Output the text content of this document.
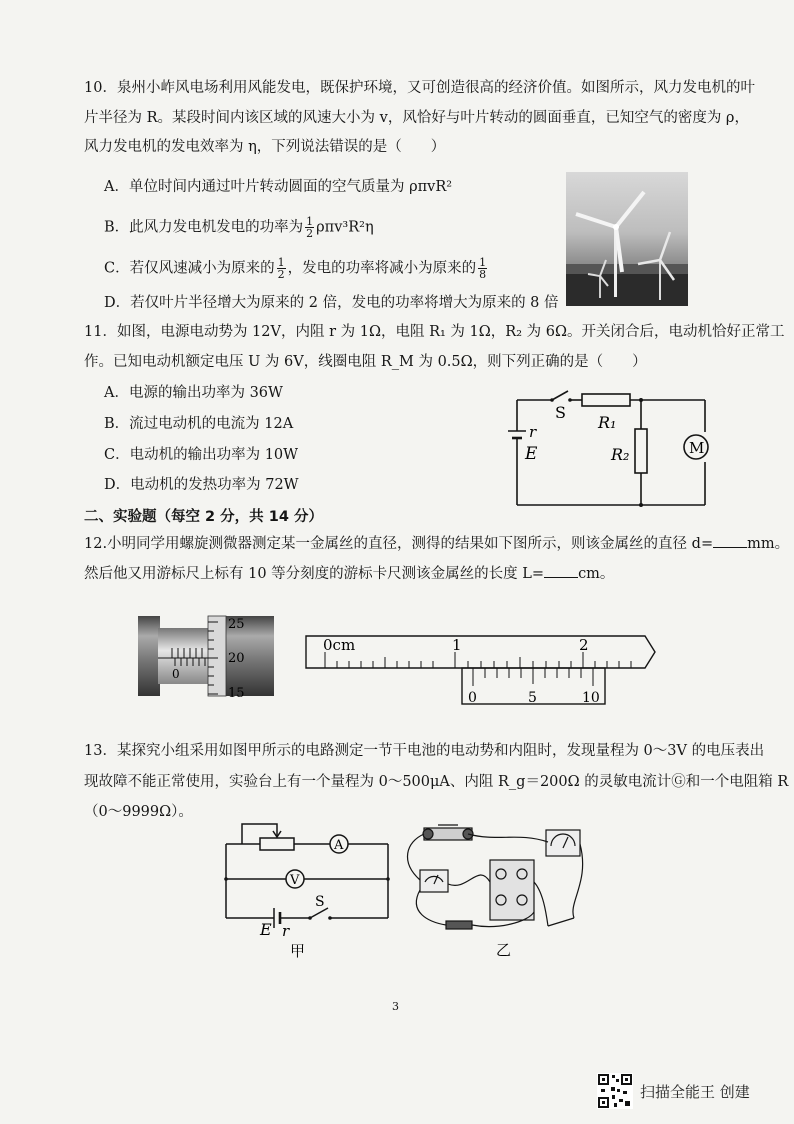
10．泉州小岞风电场利用风能发电，既保护环境，又可创造很高的经济价值。如图所示，风力发电机的叶
片半径为 R。某段时间内该区域的风速大小为 v，风恰好与叶片转动的圆面垂直，已知空气的密度为 ρ，
风力发电机的发电效率为 η，下列说法错误的是（　　）
A．单位时间内通过叶片转动圆面的空气质量为 ρπvR²
B．此风力发电机发电的功率为 $\frac{1}{2} \rho\pi v^3R^2\eta$
C．若仅风速减小为原来的 $\frac{1}{2}$ ，发电的功率将减小为原来的 $\frac{1}{8}$
D．若仅叶片半径增大为原来的 2 倍，发电的功率将增大为原来的 8 倍
11．如图，电源电动势为 12V，内阻 r 为 1Ω，电阻 R₁ 为 1Ω，R₂ 为 6Ω。开关闭合后，电动机恰好正常工
作。已知电动机额定电压 U 为 6V，线圈电阻 R_M 为 0.5Ω，则下列正确的是（　　）
A．电源的输出功率为 36W
B．流过电动机的电流为 12A
C．电动机的输出功率为 10W
D．电动机的发热功率为 72W
S
R₁
R₂
r
E	M
二、实验题（每空 2 分，共 14 分）
12.小明同学用螺旋测微器测定某一金属丝的直径，测得的结果如下图所示，则该金属丝的直径 d= mm。
然后他又用游标尺上标有 10 等分刻度的游标卡尺测该金属丝的长度 L= cm。
25
20
15
0
0cm	1	2
0	5	10
13．某探究小组采用如图甲所示的电路测定一节干电池的电动势和内阻时，发现量程为 0～3V 的电压表出
现故障不能正常使用，实验台上有一个量程为 0～500μA、内阻 R_g＝200Ω 的灵敏电流计Ⓖ和一个电阻箱 R
（0～9999Ω）。
A
V
S
E r
甲	乙
3
扫描全能王 创建
